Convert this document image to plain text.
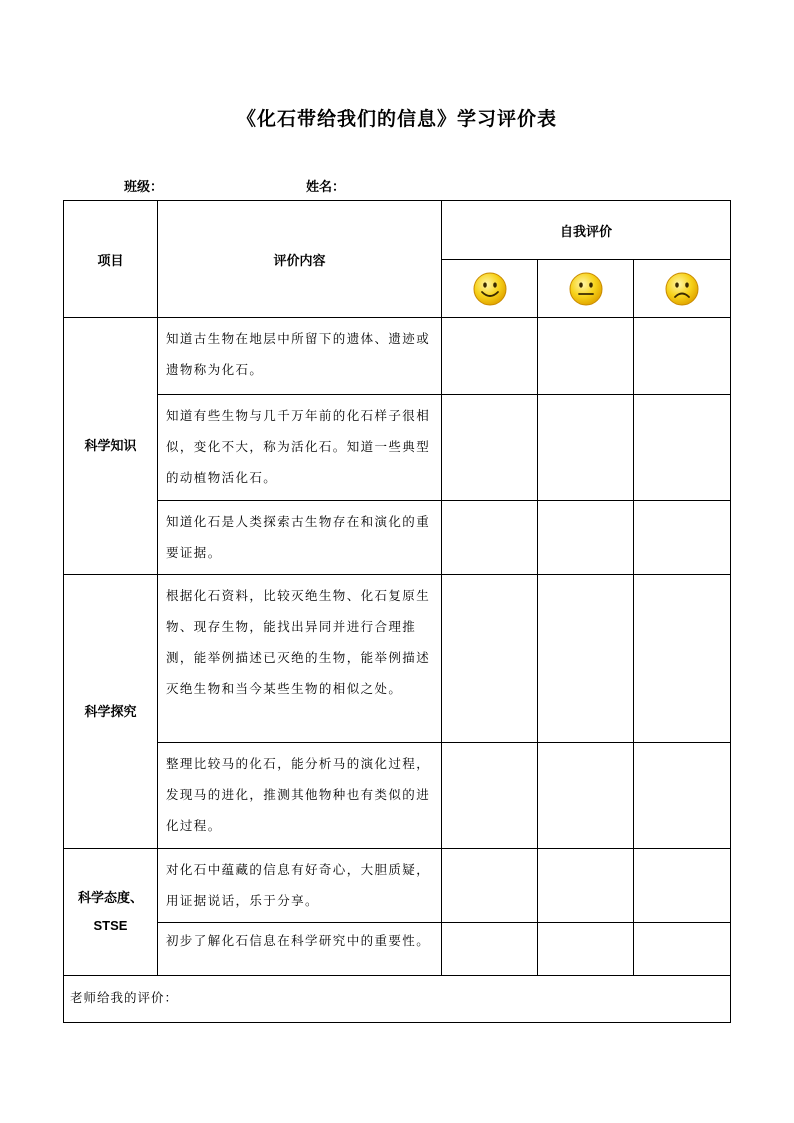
《化石带给我们的信息》学习评价表
班级：	姓名：
项目	评价内容	自我评价		

科学知识	知道古生物在地层中所留下的遗体、遗迹或遗物称为化石。			
	知道有些生物与几千万年前的化石样子很相似，变化不大，称为活化石。知道一些典型的动植物活化石。			
	知道化石是人类探索古生物存在和演化的重要证据。			
科学探究	根据化石资料，比较灭绝生物、化石复原生物、现存生物，能找出异同并进行合理推测，能举例描述已灭绝的生物，能举例描述灭绝生物和当今某些生物的相似之处。			
	整理比较马的化石，能分析马的演化过程，发现马的进化，推测其他物种也有类似的进化过程。			

科学态度、
STSE	对化石中蕴藏的信息有好奇心，大胆质疑，用证据说话，乐于分享。			
	初步了解化石信息在科学研究中的重要性。			
老师给我的评价：				
